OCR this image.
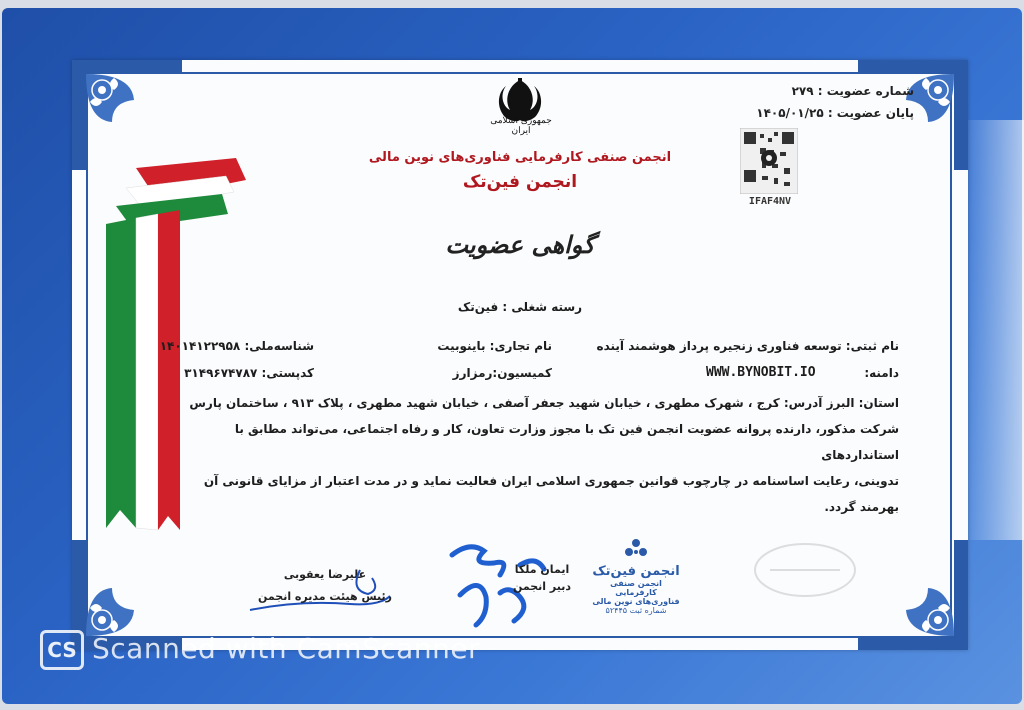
جمهوری اسلامی ایران
انجمن صنفی کارفرمایی فناوری‌های نوین مالی
انجمن فین‌تک
شماره عضویت : ۲۷۹
پایان عضویت : ۱۴۰۵/۰۱/۲۵
IFAF4NV
گواهی عضویت
رسته شغلی : فین‌تک
نام ثبتی: توسعه فناوری زنجیره پرداز هوشمند آینده
نام تجاری: باینوبیت
شناسه‌ملی: ۱۴۰۱۴۱۲۲۹۵۸
دامنه:
WWW.BYNOBIT.IO
کمیسیون:رمزارز
کدپستی: ۳۱۴۹۶۷۴۷۸۷
استان: البرز آدرس: کرج ، شهرک مطهری ، خیابان شهید جعفر آصفی ، خیابان شهید مطهری ، پلاک ۹۱۳ ، ساختمان پارس
شرکت مذکور، دارنده پروانه عضویت انجمن فین تک با مجوز وزارت تعاون، کار و رفاه اجتماعی، می‌تواند مطابق با استانداردهای
تدوینی، رعایت اساسنامه در چارچوب قوانین جمهوری اسلامی ایران فعالیت نماید و در مدت اعتبار از مزایای قانونی آن بهرمند گردد.
انجمن فین‌تک
انجمن صنفی کارفرمایی
فناوری‌های نوین مالی
شماره ثبت ۵۲۴۴۵
ایمان ملکا
دبیر انجمن
علیرضا یعقوبی
رئیس هیئت مدیره انجمن
CS Scanned with CamScanner
